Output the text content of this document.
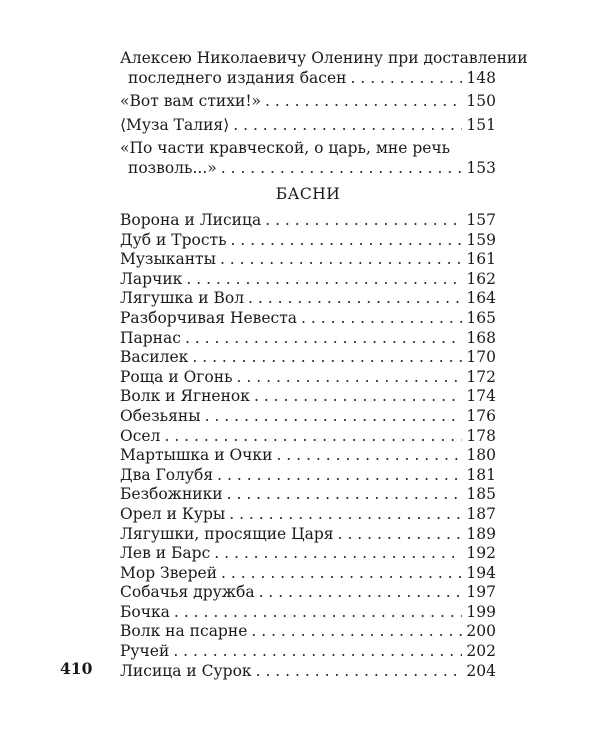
Алексею Николаевичу Оленину при доставлении
последнего издания басен . . .	148
«Вот вам стихи!» . . .	150
⟨Муза Талия⟩ . . .	151
«По части кравческой, о царь, мне речь
позволь...» . . .	153
БАСНИ
Ворона и Лисица . . .	157
Дуб и Трость . . .	159
Музыканты . . .	161
Ларчик . . .	162
Лягушка и Вол . . .	164
Разборчивая Невеста . . .	165
Парнас . . .	168
Василек . . .	170
Роща и Огонь . . .	172
Волк и Ягненок . . .	174
Обезьяны . . .	176
Осел . . .	178
Мартышка и Очки . . .	180
Два Голубя . . .	181
Безбожники . . .	185
Орел и Куры . . .	187
Лягушки, просящие Царя . . .	189
Лев и Барс . . .	192
Мор Зверей . . .	194
Собачья дружба . . .	197
Бочка . . .	199
Волк на псарне . . .	200
Ручей . . .	202
Лисица и Сурок . . .	204
410
